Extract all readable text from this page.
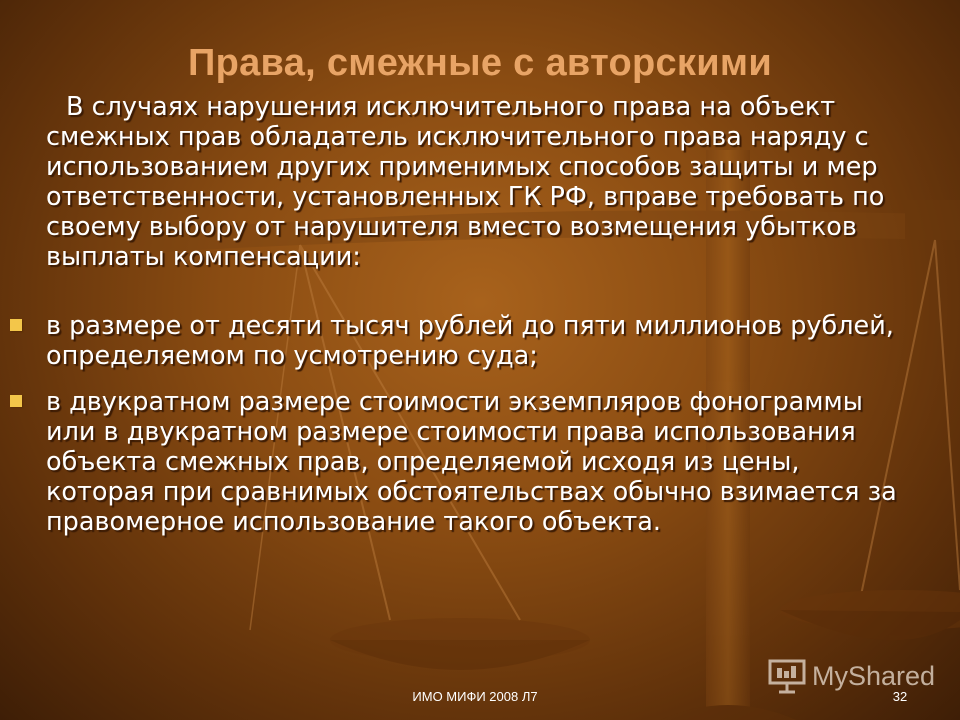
Права, смежные с авторскими

В случаях нарушения исключительного права на объект смежных прав обладатель исключительного права наряду с использованием других применимых способов защиты и мер ответственности, установленных ГК РФ, вправе требовать по своему выбору от нарушителя вместо возмещения убытков выплаты компенсации:

в размере от десяти тысяч рублей до пяти миллионов рублей, определяемом по усмотрению суда;
в двукратном размере стоимости экземпляров фонограммы или в двукратном размере стоимости права использования объекта смежных прав, определяемой исходя из цены, которая при сравнимых обстоятельствах обычно взимается за правомерное использование такого объекта.
MyShared
ИМО МИФИ 2008 Л7	32
